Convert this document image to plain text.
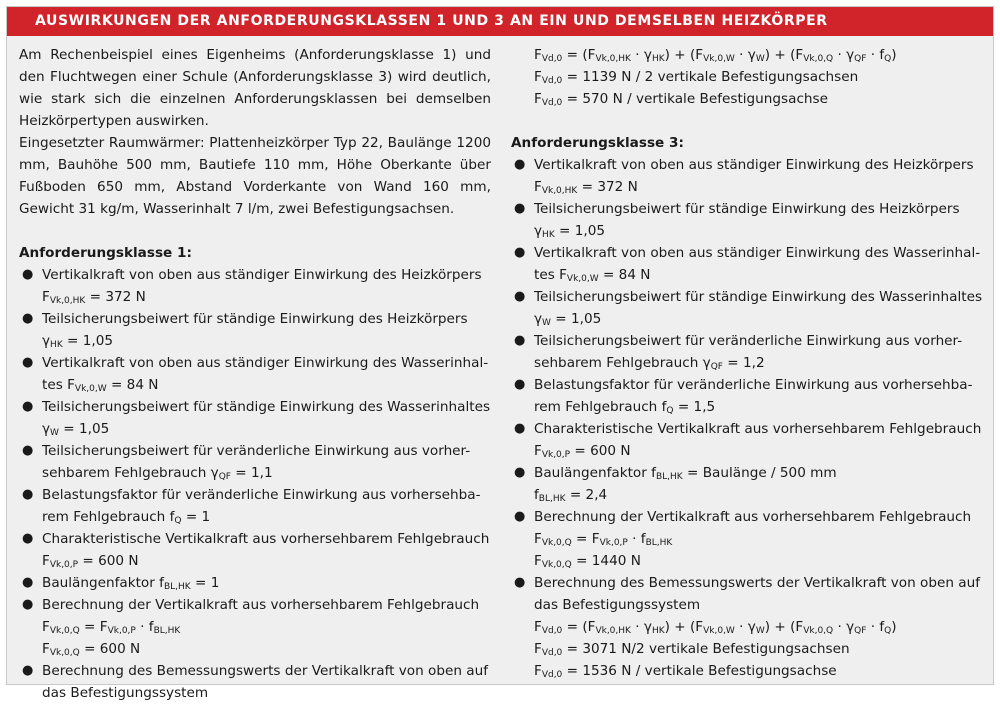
AUSWIRKUNGEN DER ANFORDERUNGSKLASSEN 1 UND 3 AN EIN UND DEMSELBEN HEIZKÖRPER

Am Rechenbeispiel eines Eigenheims (Anforderungsklasse 1) und den Fluchtwegen einer Schule (Anforderungsklasse 3) wird deutlich, wie stark sich die einzelnen Anforderungsklassen bei demselben Heizkörpertypen auswirken.

Eingesetzter Raumwärmer: Plattenheizkörper Typ 22, Baulänge 1200 mm, Bauhöhe 500 mm, Bautiefe 110 mm, Höhe Oberkante über Fußboden 650 mm, Abstand Vorderkante von Wand 160 mm, Gewicht 31 kg/m, Wasserinhalt 7 l/m, zwei Befestigungsachsen.

Anforderungsklasse 1:

● Vertikalkraft von oben aus ständiger Einwirkung des Heizkörpers
$F_{Vk,0,HK} = 372$ N
● Teilsicherungsbeiwert für ständige Einwirkung des Heizkörpers
$\gamma_{HK} = 1,05$
● Vertikalkraft von oben aus ständiger Einwirkung des Wasserinhal-
tes $F_{Vk,0,W} = 84$ N
● Teilsicherungsbeiwert für ständige Einwirkung des Wasserinhaltes
$\gamma_W = 1,05$
● Teilsicherungsbeiwert für veränderliche Einwirkung aus vorher-
sehbarem Fehlgebrauch $\gamma_{QF} = 1,1$
● Belastungsfaktor für veränderliche Einwirkung aus vorhersehba-
rem Fehlgebrauch $f_Q = 1$
● Charakteristische Vertikalkraft aus vorhersehbarem Fehlgebrauch
$F_{Vk,0,P} = 600$ N
● Baulängenfaktor $f_{BL,HK} = 1$
● Berechnung der Vertikalkraft aus vorhersehbarem Fehlgebrauch
$F_{Vk,0,Q} = F_{Vk,0,P} \cdot f_{BL,HK}$
$F_{Vk,0,Q} = 600$ N
● Berechnung des Bemessungswerts der Vertikalkraft von oben auf
das Befestigungssystem
$F_{Vd,0} = (F_{Vk,0,HK} \cdot \gamma_{HK}) + (F_{Vk,0,W} \cdot \gamma_W) + (F_{Vk,0,Q} \cdot \gamma_{QF} \cdot f_Q)$
$F_{Vd,0} = 1139$ N / 2 vertikale Befestigungsachsen
$F_{Vd,0} = 570$ N / vertikale Befestigungsachse

Anforderungsklasse 3:

● Vertikalkraft von oben aus ständiger Einwirkung des Heizkörpers
$F_{Vk,0,HK} = 372$ N
● Teilsicherungsbeiwert für ständige Einwirkung des Heizkörpers
$\gamma_{HK} = 1,05$
● Vertikalkraft von oben aus ständiger Einwirkung des Wasserinhal-
tes $F_{Vk,0,W} = 84$ N
● Teilsicherungsbeiwert für ständige Einwirkung des Wasserinhaltes
$\gamma_W = 1,05$
● Teilsicherungsbeiwert für veränderliche Einwirkung aus vorher-
sehbarem Fehlgebrauch $\gamma_{QF} = 1,2$
● Belastungsfaktor für veränderliche Einwirkung aus vorhersehba-
rem Fehlgebrauch $f_Q = 1,5$
● Charakteristische Vertikalkraft aus vorhersehbarem Fehlgebrauch
$F_{Vk,0,P} = 600$ N
● Baulängenfaktor $f_{BL,HK}$ = Baulänge / 500 mm
$f_{BL,HK} = 2,4$
● Berechnung der Vertikalkraft aus vorhersehbarem Fehlgebrauch
$F_{Vk,0,Q} = F_{Vk,0,P} \cdot f_{BL,HK}$
$F_{Vk,0,Q} = 1440$ N
● Berechnung des Bemessungswerts der Vertikalkraft von oben auf
das Befestigungssystem
$F_{Vd,0} = (F_{Vk,0,HK} \cdot \gamma_{HK}) + (F_{Vk,0,W} \cdot \gamma_W) + (F_{Vk,0,Q} \cdot \gamma_{QF} \cdot f_Q)$
$F_{Vd,0} = 3071$ N/2 vertikale Befestigungsachsen
$F_{Vd,0} = 1536$ N / vertikale Befestigungsachse
